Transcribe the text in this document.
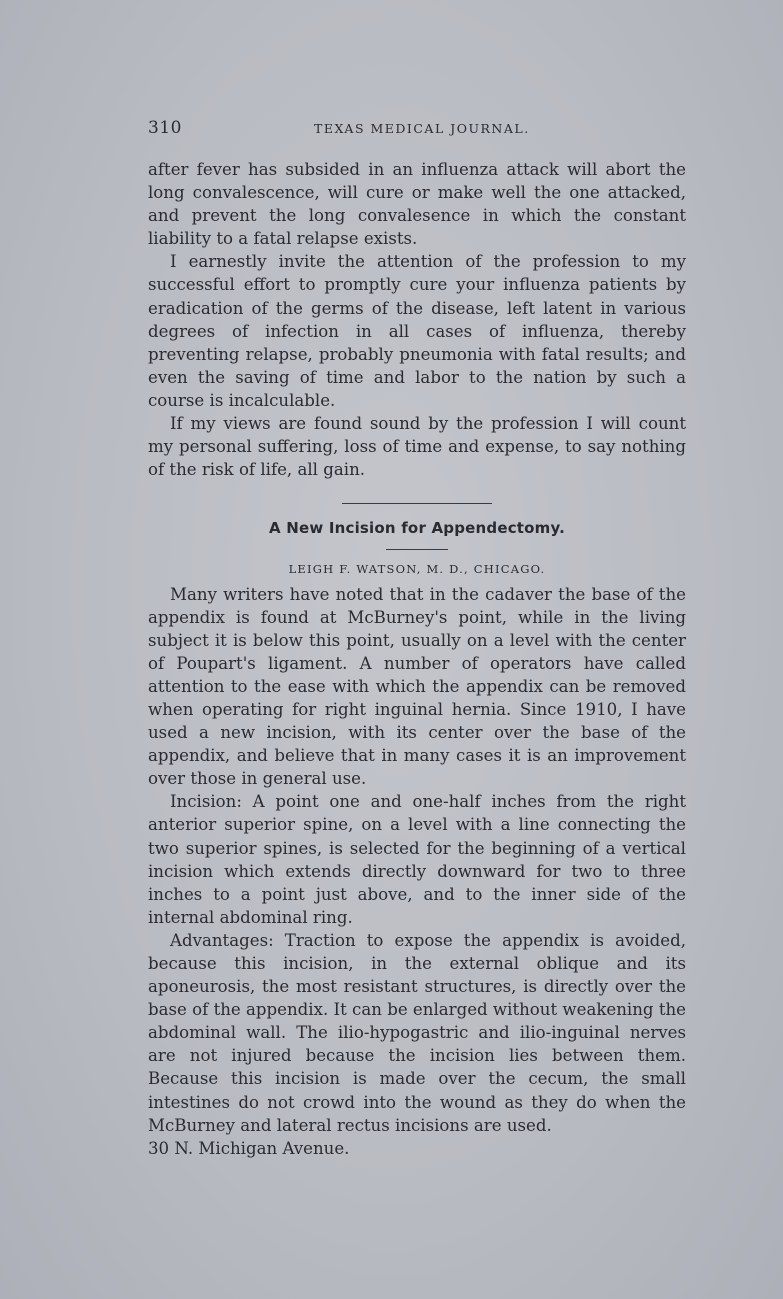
310	TEXAS MEDICAL JOURNAL.

after fever has subsided in an influenza attack will abort the long convalescence, will cure or make well the one attacked, and prevent the long convalesence in which the constant liability to a fatal relapse exists.

I earnestly invite the attention of the profession to my successful effort to promptly cure your influenza patients by eradication of the germs of the disease, left latent in various degrees of infection in all cases of influenza, thereby preventing relapse, probably pneumonia with fatal results; and even the saving of time and labor to the nation by such a course is incalculable.

If my views are found sound by the profession I will count my personal suffering, loss of time and expense, to say nothing of the risk of life, all gain.

A New Incision for Appendectomy.
LEIGH F. WATSON, M. D., CHICAGO.

Many writers have noted that in the cadaver the base of the appendix is found at McBurney's point, while in the living subject it is below this point, usually on a level with the center of Poupart's ligament. A number of operators have called attention to the ease with which the appendix can be removed when operating for right inguinal hernia. Since 1910, I have used a new incision, with its center over the base of the appendix, and believe that in many cases it is an improvement over those in general use.

Incision: A point one and one-half inches from the right anterior superior spine, on a level with a line connecting the two superior spines, is selected for the beginning of a vertical incision which extends directly downward for two to three inches to a point just above, and to the inner side of the internal abdominal ring.

Advantages: Traction to expose the appendix is avoided, because this incision, in the external oblique and its aponeurosis, the most resistant structures, is directly over the base of the appendix. It can be enlarged without weakening the abdominal wall. The ilio-hypogastric and ilio-inguinal nerves are not injured because the incision lies between them. Because this incision is made over the cecum, the small intestines do not crowd into the wound as they do when the McBurney and lateral rectus incisions are used.

30 N. Michigan Avenue.
